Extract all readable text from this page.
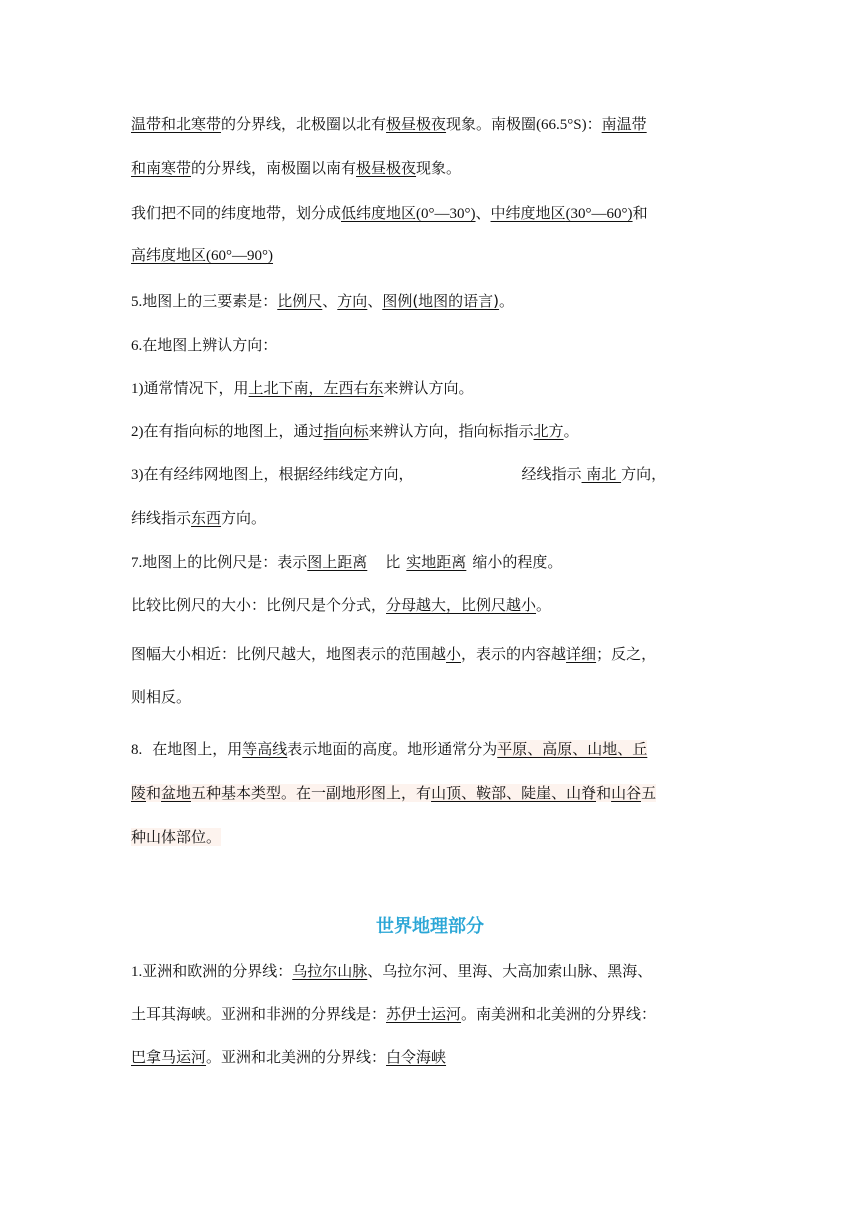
温带和北寒带的分界线，北极圈以北有极昼极夜现象。南极圈(66.5°S)：南温带
和南寒带的分界线，南极圈以南有极昼极夜现象。
我们把不同的纬度地带，划分成低纬度地区(0°—30°)、中纬度地区(30°—60°)和
高纬度地区(60°—90°)
5.地图上的三要素是：比例尺、方向、图例(地图的语言)。
6.在地图上辨认方向：
1)通常情况下，用上北下南，左西右东来辨认方向。
2)在有指向标的地图上，通过指向标来辨认方向，指向标指示北方。
3)在有经纬网地图上，根据经纬线定方向，	经线指示 南北 方向，
纬线指示东西方向。
7.地图上的比例尺是：表示图上距离 比 实地距离 缩小的程度。
比较比例尺的大小：比例尺是个分式，分母越大，比例尺越小。
图幅大小相近：比例尺越大，地图表示的范围越小，表示的内容越详细；反之，
则相反。
8. 在地图上，用等高线表示地面的高度。地形通常分为平原、高原、山地、丘
陵和盆地五种基本类型。在一副地形图上，有山顶、鞍部、陡崖、山脊和山谷五
种山体部位。
世界地理部分
1.亚洲和欧洲的分界线：乌拉尔山脉、乌拉尔河、里海、大高加索山脉、黑海、
土耳其海峡。亚洲和非洲的分界线是：苏伊士运河。南美洲和北美洲的分界线：
巴拿马运河。亚洲和北美洲的分界线：白令海峡
